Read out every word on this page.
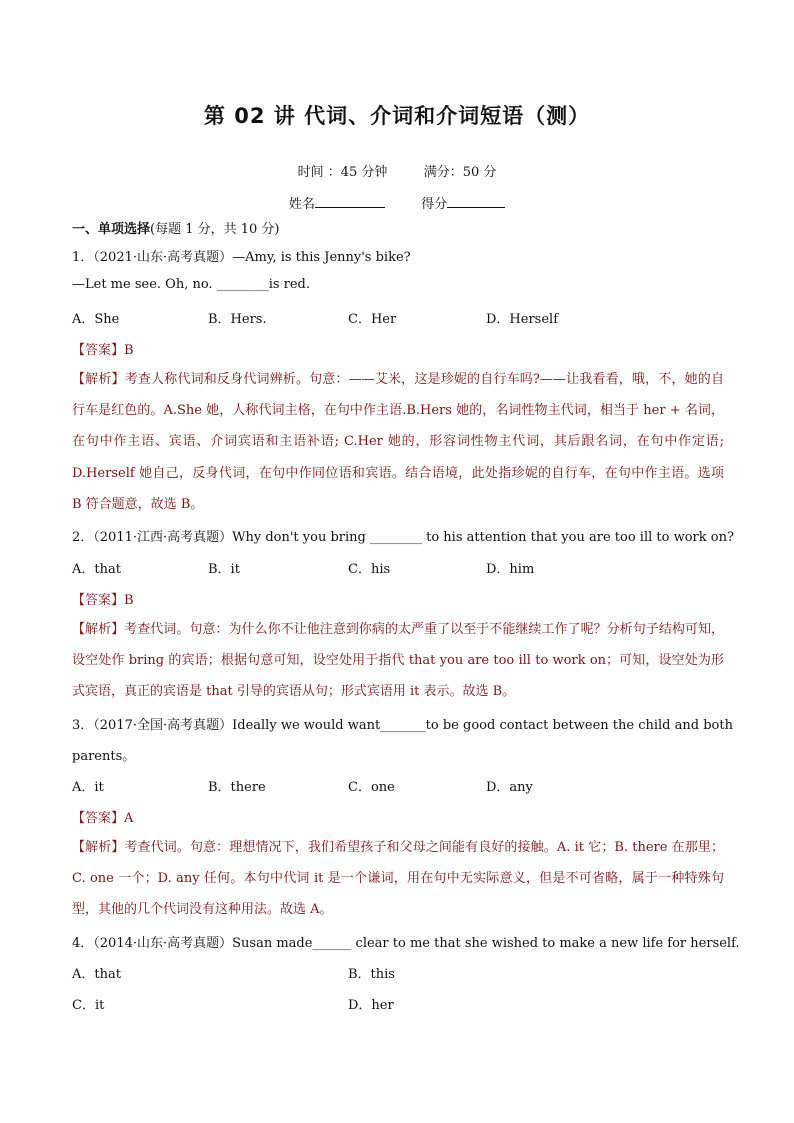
第 02 讲 代词、介词和介词短语（测）
时间 ：45 分钟	满分：50 分
姓名	得分
一、单项选择(每题 1 分，共 10 分)
1．（2021·山东·高考真题）—Amy, is this Jenny's bike?
—Let me see. Oh, no. ________is red.
A．She	B．Hers.	C．Her	D．Herself
【答案】B
【解析】考查人称代词和反身代词辨析。句意：——艾米，这是珍妮的自行车吗?——让我看看，哦，不，她的自行车是红色的。A.She 她，人称代词主格，在句中作主语.B.Hers 她的，名词性物主代词，相当于 her + 名词，在句中作主语、宾语、介词宾语和主语补语; C.Her 她的，形容词性物主代词，其后跟名词，在句中作定语; D.Herself 她自己，反身代词，在句中作同位语和宾语。结合语境，此处指珍妮的自行车，在句中作主语。选项 B 符合题意，故选 B。
2．（2011·江西·高考真题）Why don't you bring ________ to his attention that you are too ill to work on?
A．that	B．it	C．his	D．him
【答案】B
【解析】考查代词。句意：为什么你不让他注意到你病的太严重了以至于不能继续工作了呢？分析句子结构可知，设空处作 bring 的宾语；根据句意可知，设空处用于指代 that you are too ill to work on；可知，设空处为形式宾语，真正的宾语是 that 引导的宾语从句；形式宾语用 it 表示。故选 B。
3．（2017·全国·高考真题）Ideally we would want_______to be good contact between the child and both
parents。
A．it	B．there	C．one	D．any
【答案】A
【解析】考查代词。句意：理想情况下，我们希望孩子和父母之间能有良好的接触。A. it 它；B. there 在那里；C. one 一个；D. any 任何。本句中代词 it 是一个谦词，用在句中无实际意义，但是不可省略，属于一种特殊句型，其他的几个代词没有这种用法。故选 A。
4．（2014·山东·高考真题）Susan made______ clear to me that she wished to make a new life for herself.
A．that	B．this
C．it	D．her
